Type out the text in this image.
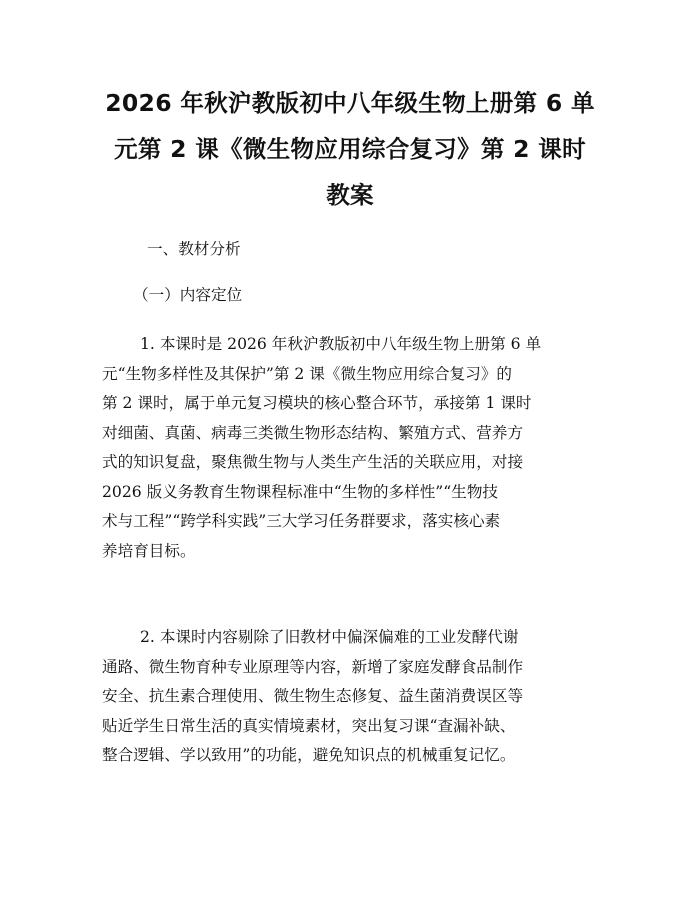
2026 年秋沪教版初中八年级生物上册第 6 单
元第 2 课《微生物应用综合复习》第 2 课时
教案

一、教材分析

（一）内容定位

1. 本课时是 2026 年秋沪教版初中八年级生物上册第 6 单
元“生物多样性及其保护”第 2 课《微生物应用综合复习》的
第 2 课时，属于单元复习模块的核心整合环节，承接第 1 课时
对细菌、真菌、病毒三类微生物形态结构、繁殖方式、营养方
式的知识复盘，聚焦微生物与人类生产生活的关联应用，对接
2026 版义务教育生物课程标准中“生物的多样性”“生物技
术与工程”“跨学科实践”三大学习任务群要求，落实核心素
养培育目标。
2. 本课时内容剔除了旧教材中偏深偏难的工业发酵代谢
通路、微生物育种专业原理等内容，新增了家庭发酵食品制作
安全、抗生素合理使用、微生物生态修复、益生菌消费误区等
贴近学生日常生活的真实情境素材，突出复习课“查漏补缺、
整合逻辑、学以致用”的功能，避免知识点的机械重复记忆。
